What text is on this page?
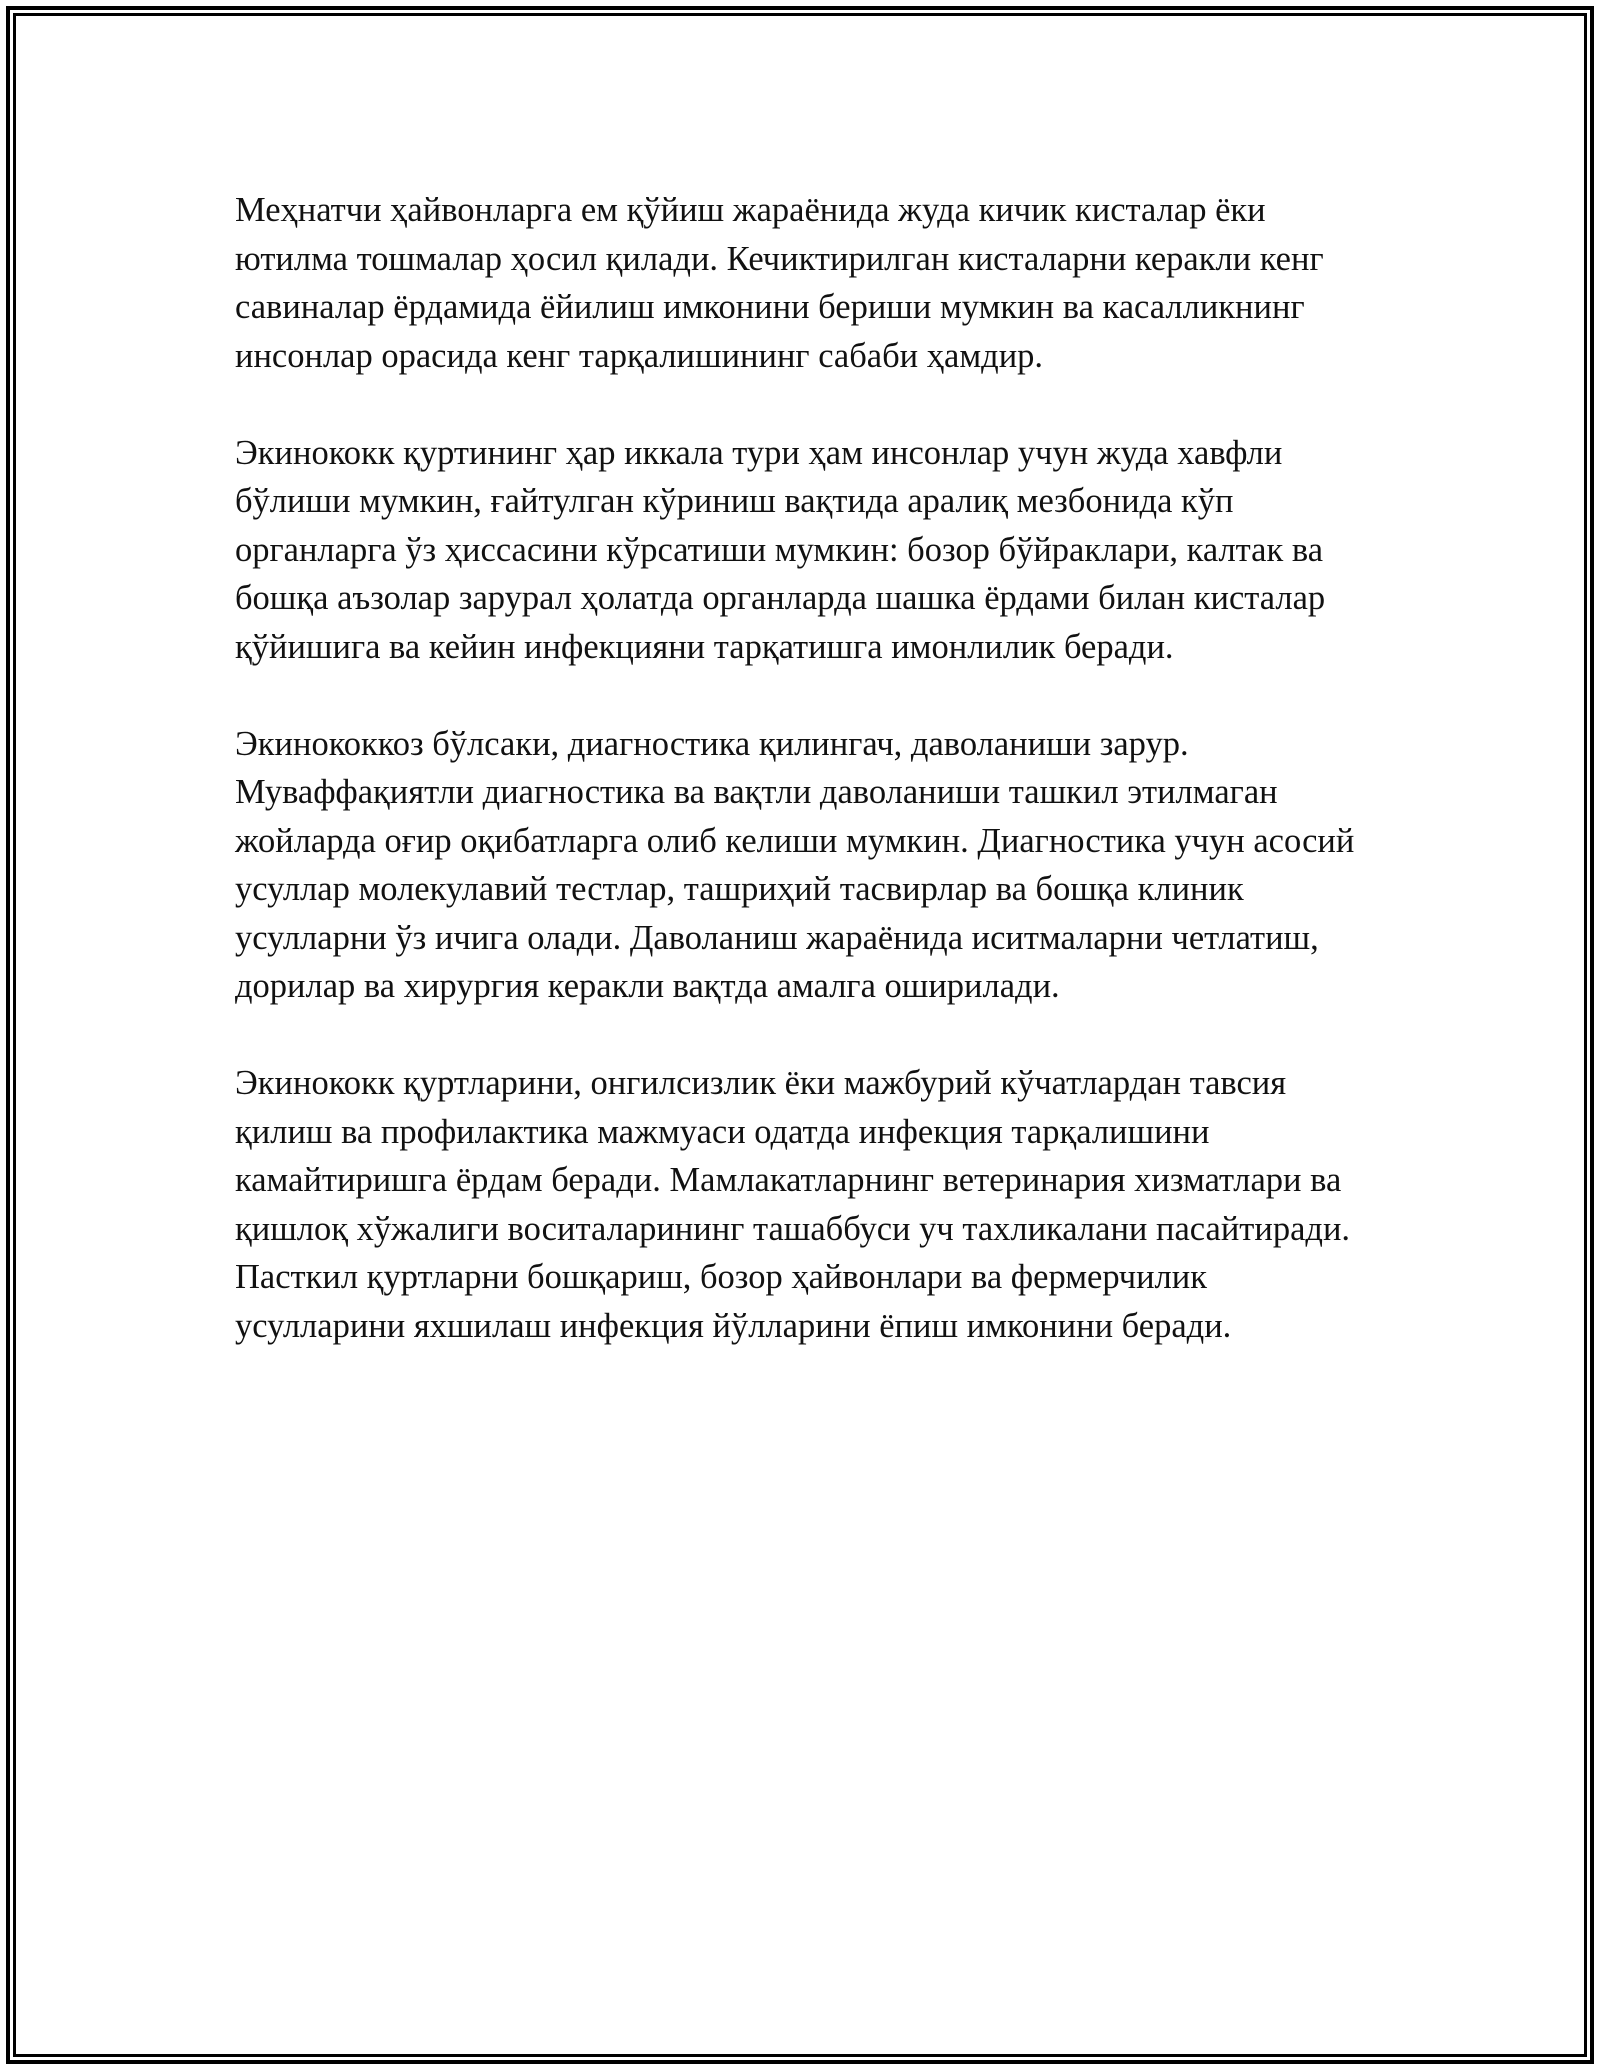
Меҳнатчи ҳайвонларга ем қўйиш жараёнида жуда кичик кисталар ёки ютилма тошмалар ҳосил қилади. Кечиктирилган кисталарни керакли кенг савиналар ёрдамида ёйилиш имконини бериши мумкин ва касалликнинг инсонлар орасида кенг тарқалишининг сабаби ҳамдир.

Экинококк қуртининг ҳар иккала тури ҳам инсонлар учун жуда хавфли бўлиши мумкин, ғайтулган кўриниш вақтида аралиқ мезбонида кўп органларга ўз ҳиссасини кўрсатиши мумкин: бозор бўйраклари, калтак ва бошқа аъзолар зарурал ҳолатда органларда шашка ёрдами билан кисталар қўйишига ва кейин инфекцияни тарқатишга имонлилик беради.

Экинококкоз бўлсаки, диагностика қилингач, даволаниши зарур. Муваффақиятли диагностика ва вақтли даволаниши ташкил этилмаган жойларда оғир оқибатларга олиб келиши мумкин. Диагностика учун асосий усуллар молекулавий тестлар, ташриҳий тасвирлар ва бошқа клиник усулларни ўз ичига олади. Даволаниш жараёнида иситмаларни четлатиш, дорилар ва хирургия керакли вақтда амалга оширилади.

Экинококк қуртларини, онгилсизлик ёки мажбурий кўчатлардан тавсия қилиш ва профилактика мажмуаси одатда инфекция тарқалишини камайтиришга ёрдам беради. Мамлакатларнинг ветеринария хизматлари ва қишлоқ хўжалиги воситаларининг ташаббуси уч тахликалани пасайтиради. Пасткил қуртларни бошқариш, бозор ҳайвонлари ва фермерчилик усулларини яхшилаш инфекция йўлларини ёпиш имконини беради.
